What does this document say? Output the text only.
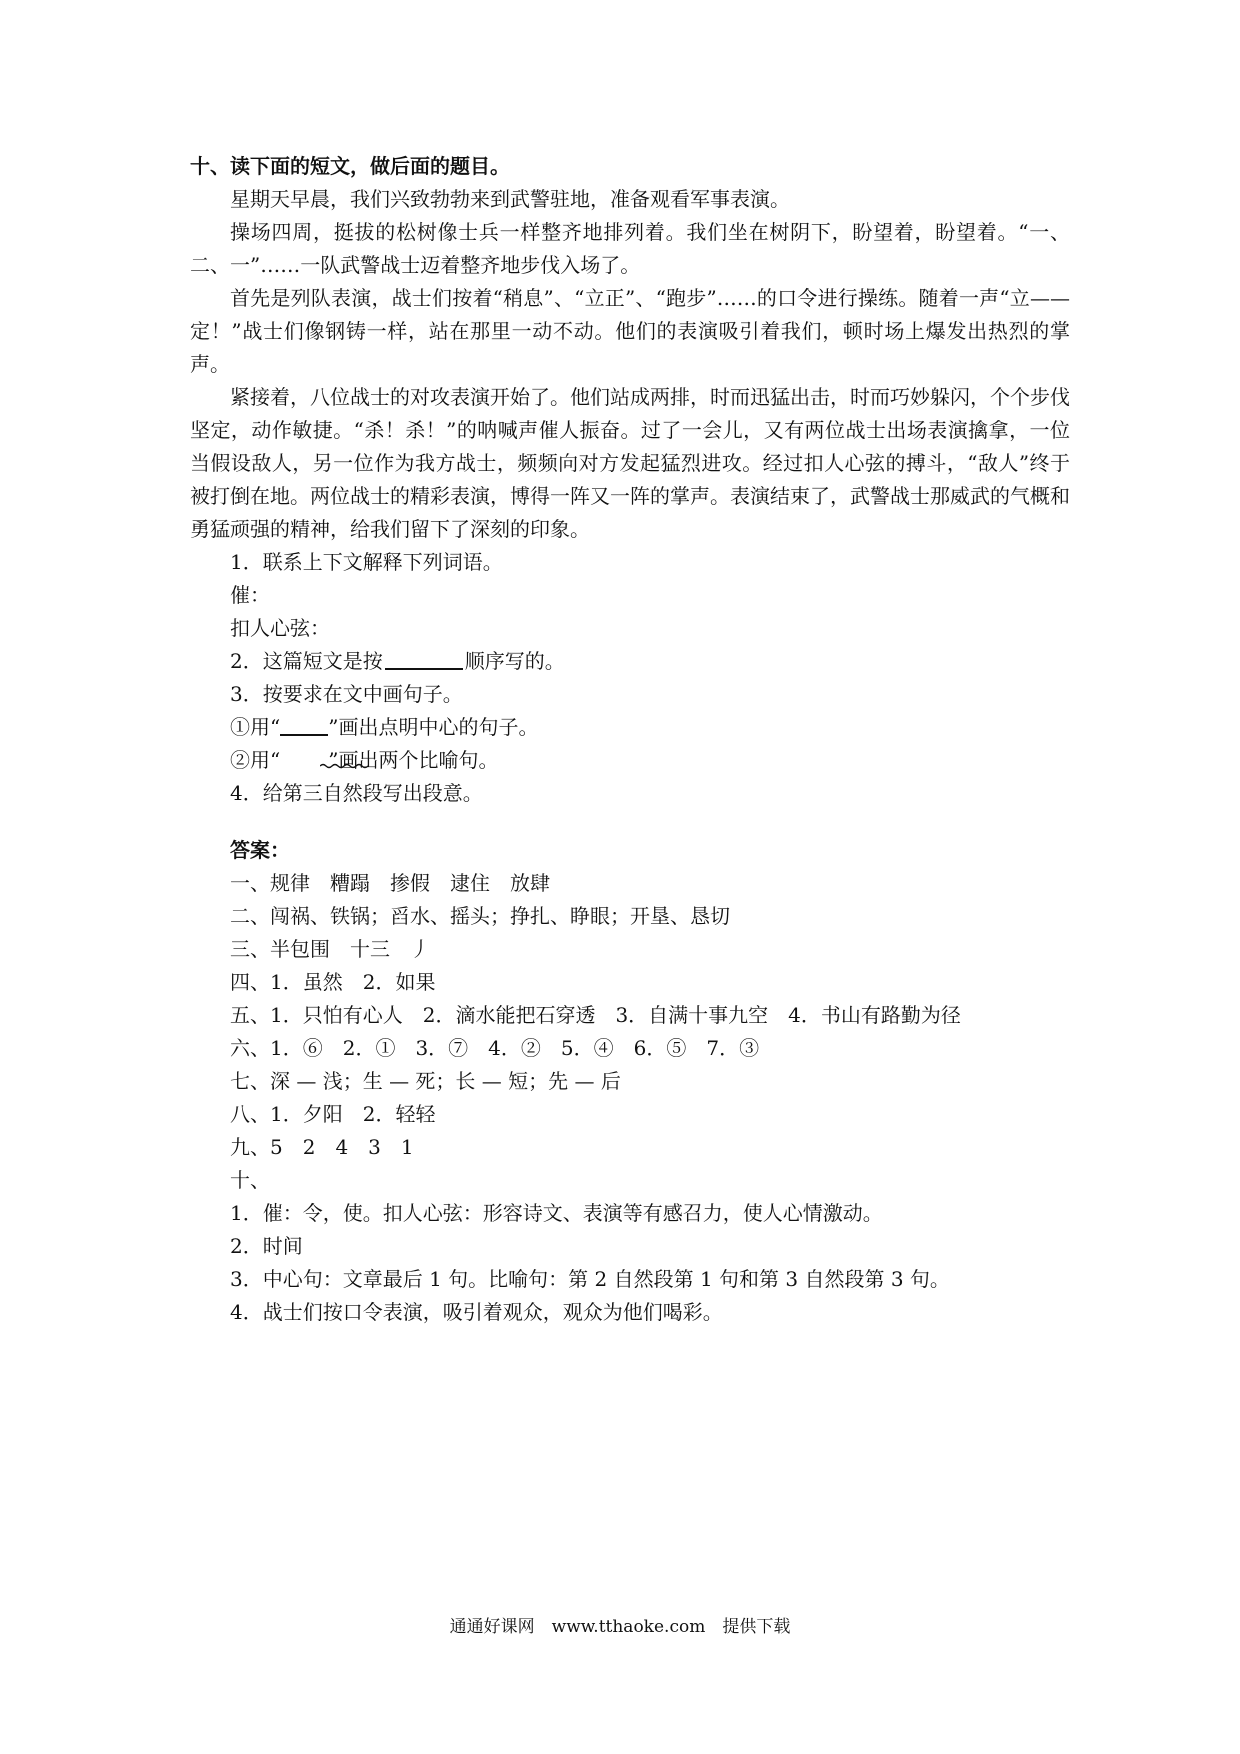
十、读下面的短文，做后面的题目。
星期天早晨，我们兴致勃勃来到武警驻地，准备观看军事表演。
操场四周，挺拔的松树像士兵一样整齐地排列着。我们坐在树阴下，盼望着，盼望着。“一、二、一”……一队武警战士迈着整齐地步伐入场了。
首先是列队表演，战士们按着“稍息”、“立正”、“跑步”……的口令进行操练。随着一声“立——定！”战士们像钢铸一样，站在那里一动不动。他们的表演吸引着我们，顿时场上爆发出热烈的掌声。
紧接着，八位战士的对攻表演开始了。他们站成两排，时而迅猛出击，时而巧妙躲闪，个个步伐坚定，动作敏捷。“杀！杀！”的呐喊声催人振奋。过了一会儿，又有两位战士出场表演擒拿，一位当假设敌人，另一位作为我方战士，频频向对方发起猛烈进攻。经过扣人心弦的搏斗，“敌人”终于被打倒在地。两位战士的精彩表演，博得一阵又一阵的掌声。表演结束了，武警战士那威武的气概和勇猛顽强的精神，给我们留下了深刻的印象。
1．联系上下文解释下列词语。
催：
扣人心弦：
2．这篇短文是按	顺序写的。
3．按要求在文中画句子。
①用“ ”画出点明中心的句子。
②用“ ”画出两个比喻句。
4．给第三自然段写出段意。
答案：
一、规律　糟蹋　掺假　逮住　放肆
二、闯祸、铁锅；舀水、摇头；挣扎、睁眼；开垦、恳切
三、半包围　十三　丿
四、1．虽然　2．如果
五、1．只怕有心人　2．滴水能把石穿透　3．自满十事九空　4．书山有路勤为径
六、1．⑥　2．①　3．⑦　4．②　5．④　6．⑤　7．③
七、深 — 浅；生 — 死；长 — 短；先 — 后
八、1．夕阳　2．轻轻
九、5　2　4　3　1
十、
1．催：令，使。扣人心弦：形容诗文、表演等有感召力，使人心情激动。
2．时间
3．中心句：文章最后 1 句。比喻句：第 2 自然段第 1 句和第 3 自然段第 3 句。
4．战士们按口令表演，吸引着观众，观众为他们喝彩。
通通好课网　www.tthaoke.com　提供下载
